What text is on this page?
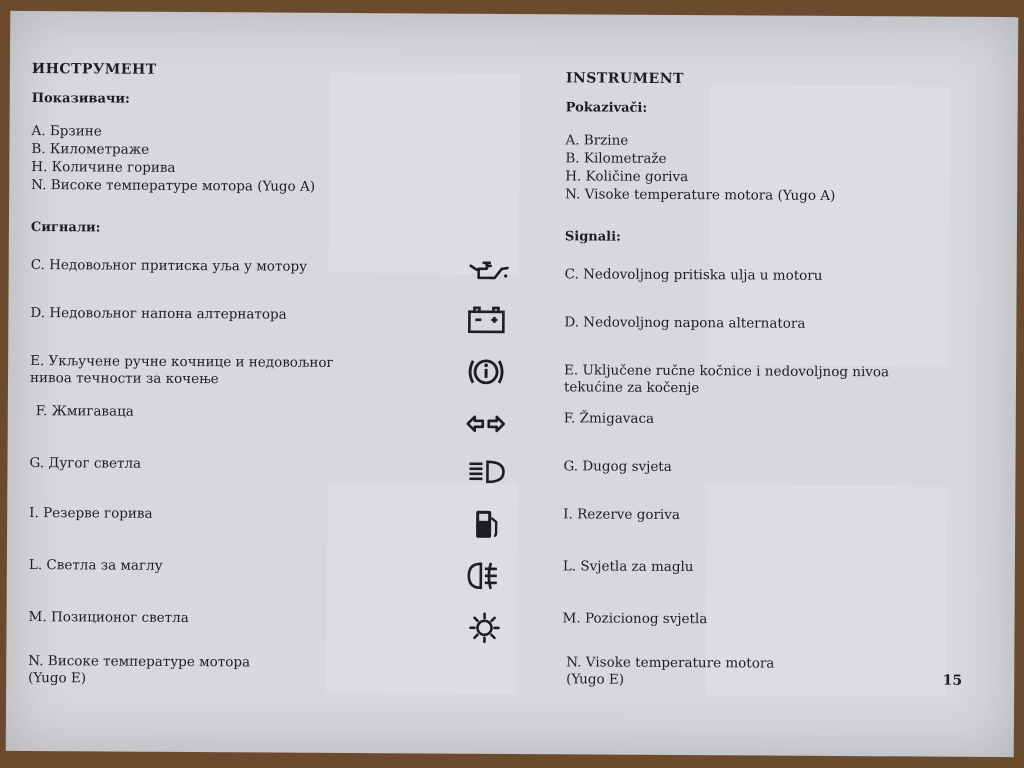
ИНСТРУМЕНТ
Показивачи:
A. Брзине
B. Километраже
H. Количине горива
N. Високе температуре мотора (Yugo A)
Сигнали:
INSTRUMENT
Pokazivači:
A. Brzine
B. Kilometraže
H. Količine goriva
N. Visoke temperature motora (Yugo A)
Signali:
C. Недовољног притиска уља у мотору
D. Недовољног напона алтернатора
E. Укључене ручне кочнице и недовољног
нивоа течности за кочење
F. Жмигаваца
G. Дугог светла
I. Резерве горива
L. Светла за маглу
M. Позиционог светла
N. Високе температуре мотора
(Yugo E)
C. Nedovoljnog pritiska ulja u motoru
D. Nedovoljnog napona alternatora
E. Uključene ručne kočnice i nedovoljnog nivoa
tekućine za kočenje
F. Žmigavaca
G. Dugog svjeta
I. Rezerve goriva
L. Svjetla za maglu
M. Pozicionog svjetla
N. Visoke temperature motora
(Yugo E)	15
